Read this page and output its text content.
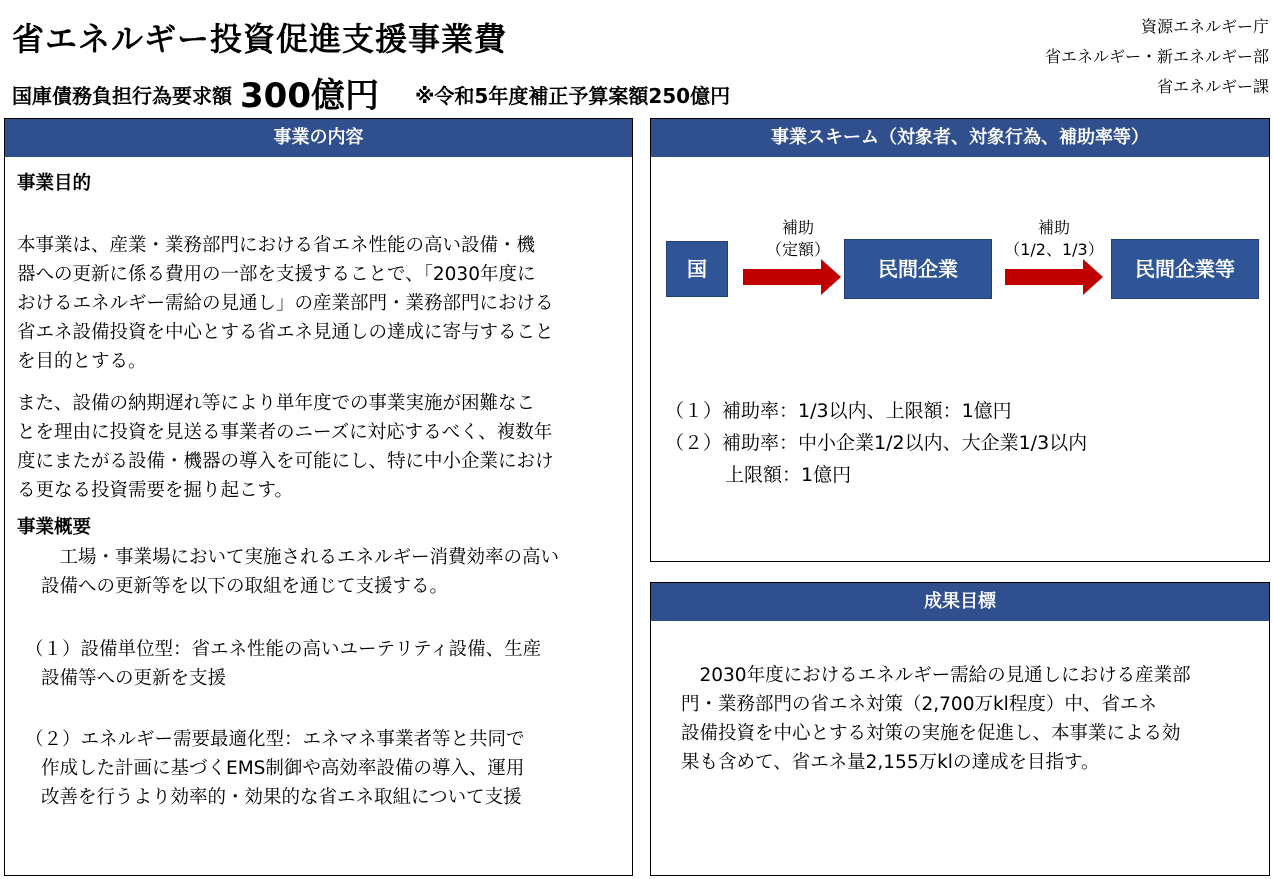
省エネルギー投資促進支援事業費
国庫債務負担行為要求額 300億円 ※令和5年度補正予算案額250億円
資源エネルギー庁
省エネルギー・新エネルギー部
省エネルギー課
事業の内容
事業目的
本事業は、産業・業務部門における省エネ性能の高い設備・機
器への更新に係る費用の一部を支援することで、「2030年度に
おけるエネルギー需給の見通し」の産業部門・業務部門における
省エネ設備投資を中心とする省エネ見通しの達成に寄与すること
を目的とする。
また、設備の納期遅れ等により単年度での事業実施が困難なこ
とを理由に投資を見送る事業者のニーズに対応するべく、複数年
度にまたがる設備・機器の導入を可能にし、特に中小企業におけ
る更なる投資需要を掘り起こす。
事業概要
　工場・事業場において実施されるエネルギー消費効率の高い
設備への更新等を以下の取組を通じて支援する。
（１）設備単位型：省エネ性能の高いユーテリティ設備、生産
設備等への更新を支援
（２）エネルギー需要最適化型：エネマネ事業者等と共同で
作成した計画に基づくEMS制御や高効率設備の導入、運用
改善を行うより効率的・効果的な省エネ取組について支援
事業スキーム（対象者、対象行為、補助率等）
国
補助
（定額）
民間企業
補助
（1/2、1/3）
民間企業等
（１）補助率：1/3以内、上限額：1億円
（２）補助率：中小企業1/2以内、大企業1/3以内
上限額：1億円
成果目標
　2030年度におけるエネルギー需給の見通しにおける産業部
門・業務部門の省エネ対策（2,700万kl程度）中、省エネ
設備投資を中心とする対策の実施を促進し、本事業による効
果も含めて、省エネ量2,155万klの達成を目指す。
